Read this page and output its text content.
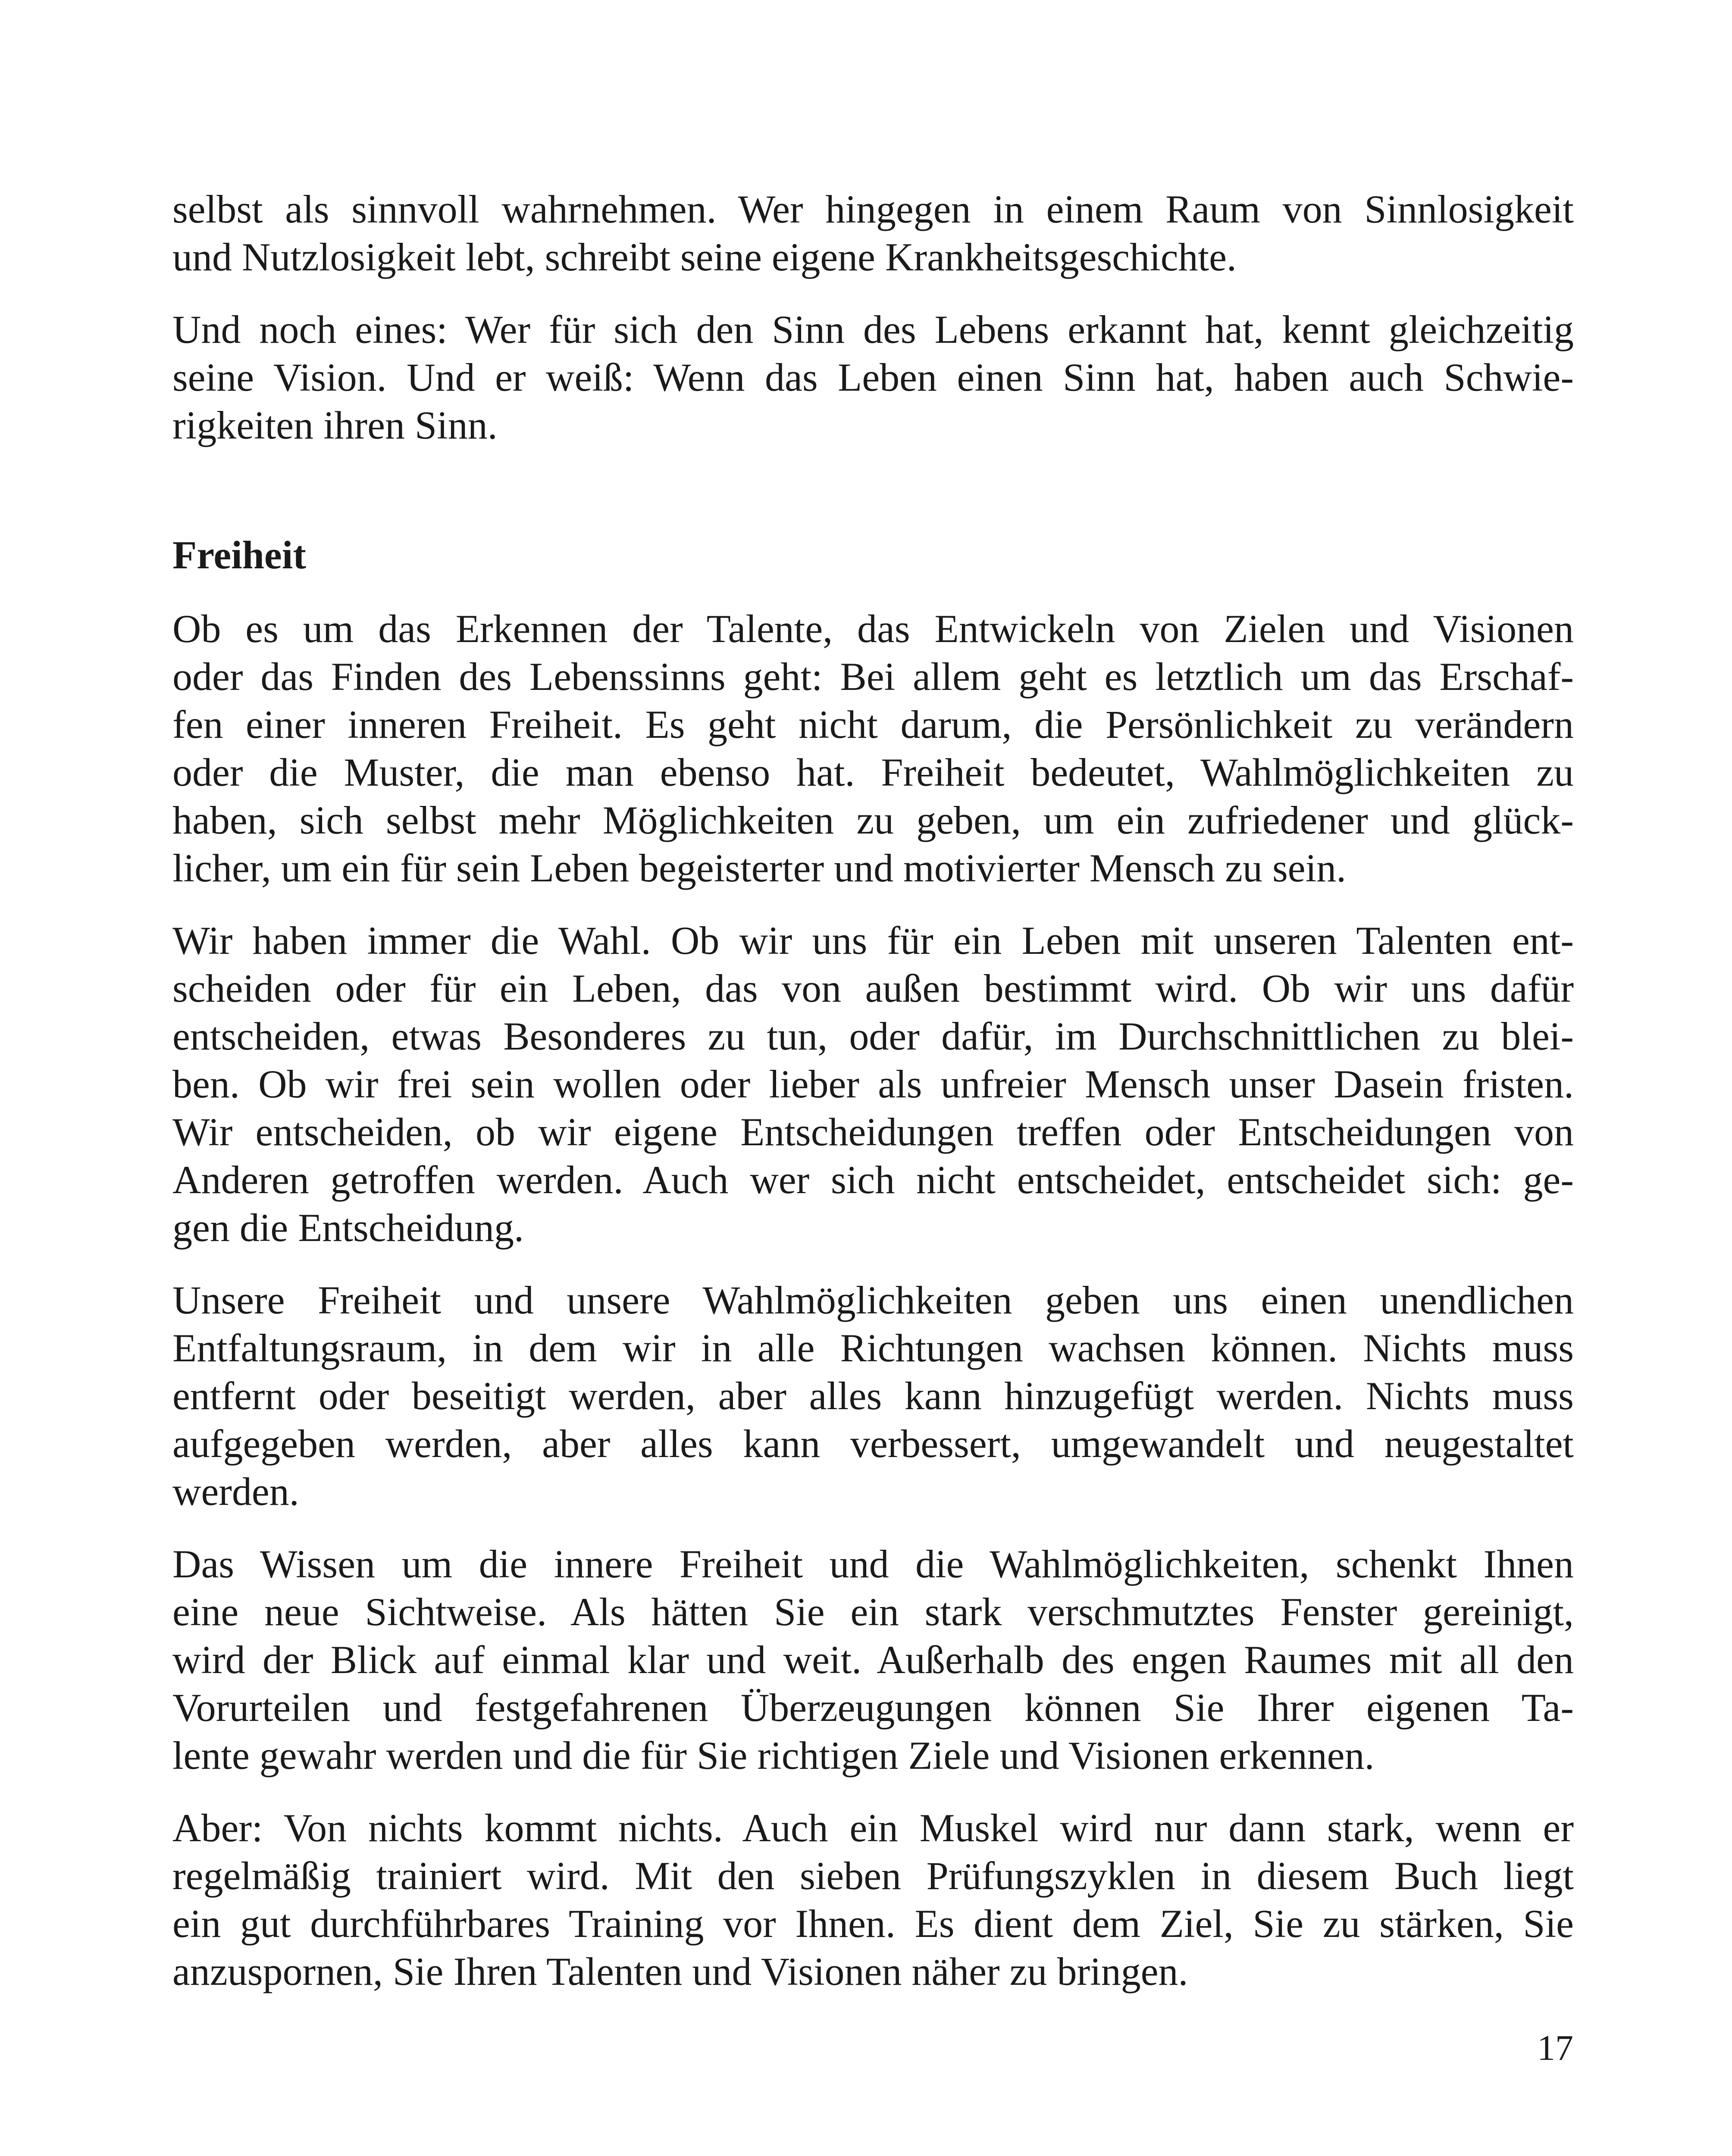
selbst als sinnvoll wahrnehmen. Wer hingegen in einem Raum von Sinnlosigkeit
und Nutzlosigkeit lebt, schreibt seine eigene Krankheitsgeschichte.

Und noch eines: Wer für sich den Sinn des Lebens erkannt hat, kennt gleichzeitig
seine Vision. Und er weiß: Wenn das Leben einen Sinn hat, haben auch Schwie-
rigkeiten ihren Sinn.

Freiheit

Ob es um das Erkennen der Talente, das Entwickeln von Zielen und Visionen
oder das Finden des Lebenssinns geht: Bei allem geht es letztlich um das Erschaf-
fen einer inneren Freiheit. Es geht nicht darum, die Persönlichkeit zu verändern
oder die Muster, die man ebenso hat. Freiheit bedeutet, Wahlmöglichkeiten zu
haben, sich selbst mehr Möglichkeiten zu geben, um ein zufriedener und glück-
licher, um ein für sein Leben begeisterter und motivierter Mensch zu sein.

Wir haben immer die Wahl. Ob wir uns für ein Leben mit unseren Talenten ent-
scheiden oder für ein Leben, das von außen bestimmt wird. Ob wir uns dafür
entscheiden, etwas Besonderes zu tun, oder dafür, im Durchschnittlichen zu blei-
ben. Ob wir frei sein wollen oder lieber als unfreier Mensch unser Dasein fristen.
Wir entscheiden, ob wir eigene Entscheidungen treffen oder Entscheidungen von
Anderen getroffen werden. Auch wer sich nicht entscheidet, entscheidet sich: ge-
gen die Entscheidung.

Unsere Freiheit und unsere Wahlmöglichkeiten geben uns einen unendlichen
Entfaltungsraum, in dem wir in alle Richtungen wachsen können. Nichts muss
entfernt oder beseitigt werden, aber alles kann hinzugefügt werden. Nichts muss
aufgegeben werden, aber alles kann verbessert, umgewandelt und neugestaltet
werden.

Das Wissen um die innere Freiheit und die Wahlmöglichkeiten, schenkt Ihnen
eine neue Sichtweise. Als hätten Sie ein stark verschmutztes Fenster gereinigt,
wird der Blick auf einmal klar und weit. Außerhalb des engen Raumes mit all den
Vorurteilen und festgefahrenen Überzeugungen können Sie Ihrer eigenen Ta-
lente gewahr werden und die für Sie richtigen Ziele und Visionen erkennen.

Aber: Von nichts kommt nichts. Auch ein Muskel wird nur dann stark, wenn er
regelmäßig trainiert wird. Mit den sieben Prüfungszyklen in diesem Buch liegt
ein gut durchführbares Training vor Ihnen. Es dient dem Ziel, Sie zu stärken, Sie
anzuspornen, Sie Ihren Talenten und Visionen näher zu bringen.

17
